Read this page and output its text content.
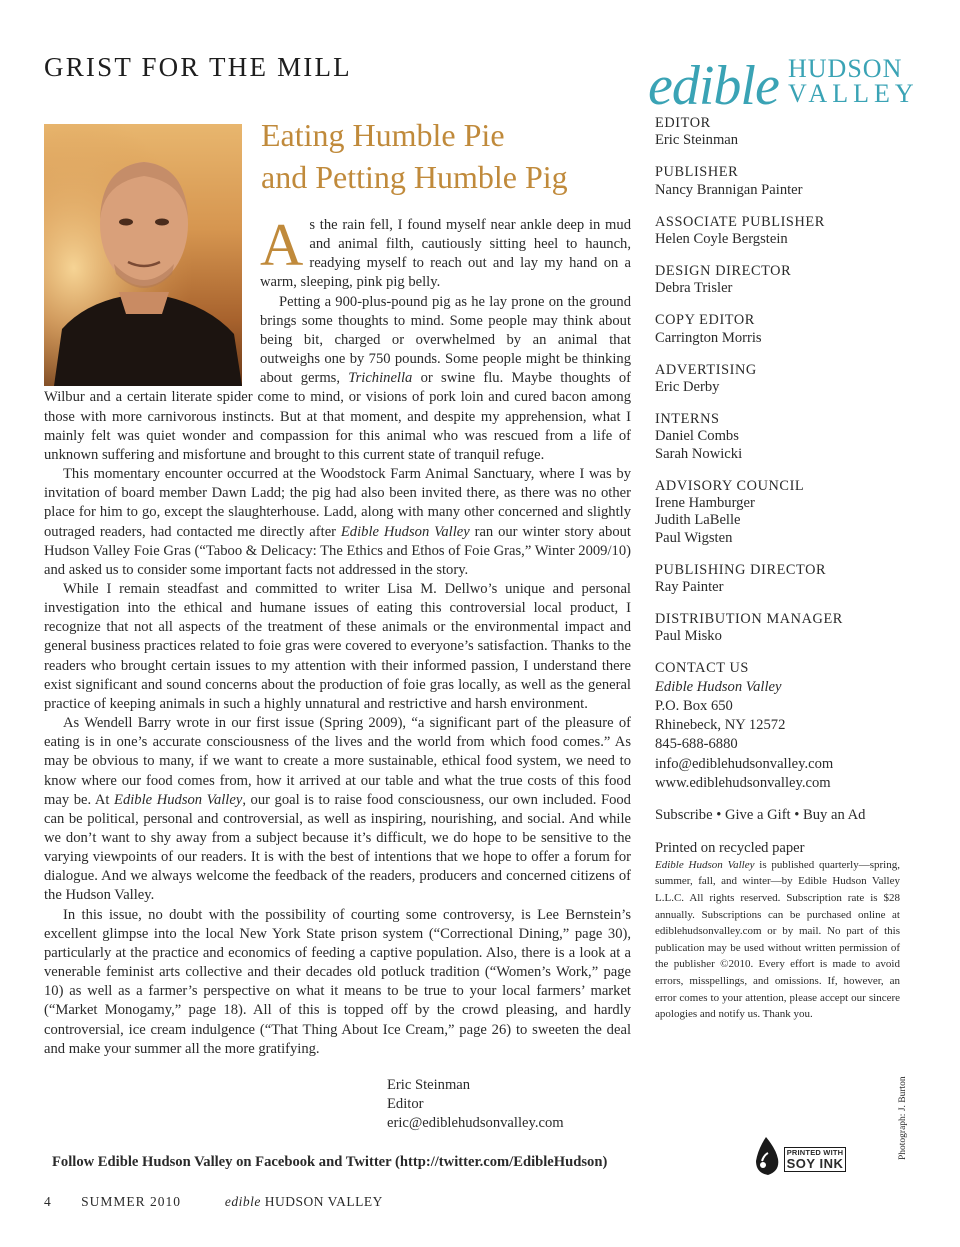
GRIST FOR THE MILL	edible HUDSON
VALLEY
Eating Humble Pie
and Petting Humble Pig

As the rain fell, I found myself near ankle deep in mud and animal filth, cautiously sitting heel to haunch, readying myself to reach out and lay my hand on a warm, sleeping, pink pig belly.

Petting a 900-plus-pound pig as he lay prone on the ground brings some thoughts to mind. Some people may think about being bit, charged or overwhelmed by an animal that outweighs one by 750 pounds. Some people might be thinking about germs, Trichinella or swine flu. Maybe thoughts of Wilbur and a certain literate spider come to mind, or visions of pork loin and cured bacon among those with more carnivorous instincts. But at that moment, and despite my apprehension, what I mainly felt was quiet wonder and compassion for this animal who was rescued from a life of unknown suffering and misfortune and brought to this current state of tranquil refuge.

This momentary encounter occurred at the Woodstock Farm Animal Sanctuary, where I was by invitation of board member Dawn Ladd; the pig had also been invited there, as there was no other place for him to go, except the slaughterhouse. Ladd, along with many other concerned and slightly outraged readers, had contacted me directly after Edible Hudson Valley ran our winter story about Hudson Valley Foie Gras (“Taboo & Delicacy: The Ethics and Ethos of Foie Gras,” Winter 2009/10) and asked us to consider some important facts not addressed in the story.

While I remain steadfast and committed to writer Lisa M. Dellwo’s unique and personal investigation into the ethical and humane issues of eating this controversial local product, I recognize that not all aspects of the treatment of these animals or the environmental impact and general business practices related to foie gras were covered to everyone’s satisfaction. Thanks to the readers who brought certain issues to my attention with their informed passion, I understand there exist significant and sound concerns about the production of foie gras locally, as well as the general practice of keeping animals in such a highly unnatural and restrictive and harsh environment.

As Wendell Barry wrote in our first issue (Spring 2009), “a significant part of the pleasure of eating is in one’s accurate consciousness of the lives and the world from which food comes.” As may be obvious to many, if we want to create a more sustainable, ethical food system, we need to know where our food comes from, how it arrived at our table and what the true costs of this food may be. At Edible Hudson Valley, our goal is to raise food consciousness, our own included. Food can be political, personal and controversial, as well as inspiring, nourishing, and social. And while we don’t want to shy away from a subject because it’s difficult, we do hope to be sensitive to the varying viewpoints of our readers. It is with the best of intentions that we hope to offer a forum for dialogue. And we always welcome the feedback of the readers, producers and concerned citizens of the Hudson Valley.

In this issue, no doubt with the possibility of courting some controversy, is Lee Bernstein’s excellent glimpse into the local New York State prison system (“Correctional Dining,” page 30), particularly at the practice and economics of feeding a captive population. Also, there is a look at a venerable feminist arts collective and their decades old potluck tradition (“Women’s Work,” page 10) as well as a farmer’s perspective on what it means to be true to your local farmers’ market (“Market Monogamy,” page 18). All of this is topped off by the crowd pleasing, and hardly controversial, ice cream indulgence (“That Thing About Ice Cream,” page 26) to sweeten the deal and make your summer all the more gratifying.

Eric Steinman
Editor
eric@ediblehudsonvalley.com
Follow Edible Hudson Valley on Facebook and Twitter (http://twitter.com/EdibleHudson)
4 SUMMER 2010	edible HUDSON VALLEY
EDITOR
Eric Steinman
PUBLISHER
Nancy Brannigan Painter
ASSOCIATE PUBLISHER
Helen Coyle Bergstein
DESIGN DIRECTOR
Debra Trisler
COPY EDITOR
Carrington Morris
ADVERTISING
Eric Derby
INTERNS
Daniel Combs
Sarah Nowicki
ADVISORY COUNCIL
Irene Hamburger
Judith LaBelle
Paul Wigsten
PUBLISHING DIRECTOR
Ray Painter
DISTRIBUTION MANAGER
Paul Misko
CONTACT US
Edible Hudson Valley
P.O. Box 650
Rhinebeck, NY 12572
845-688-6880
info@ediblehudsonvalley.com
www.ediblehudsonvalley.com
Subscribe • Give a Gift • Buy an Ad
Printed on recycled paper
Edible Hudson Valley is published quarterly—spring, summer, fall, and winter—by Edible Hudson Valley L.L.C. All rights reserved. Subscription rate is $28 annually. Subscriptions can be purchased online at ediblehudsonvalley.com or by mail. No part of this publication may be used without written permission of the publisher ©2010. Every effort is made to avoid errors, misspellings, and omissions. If, however, an error comes to your attention, please accept our sincere apologies and notify us. Thank you.
Photograph: J. Burton
PRINTED WITH
SOY INK
